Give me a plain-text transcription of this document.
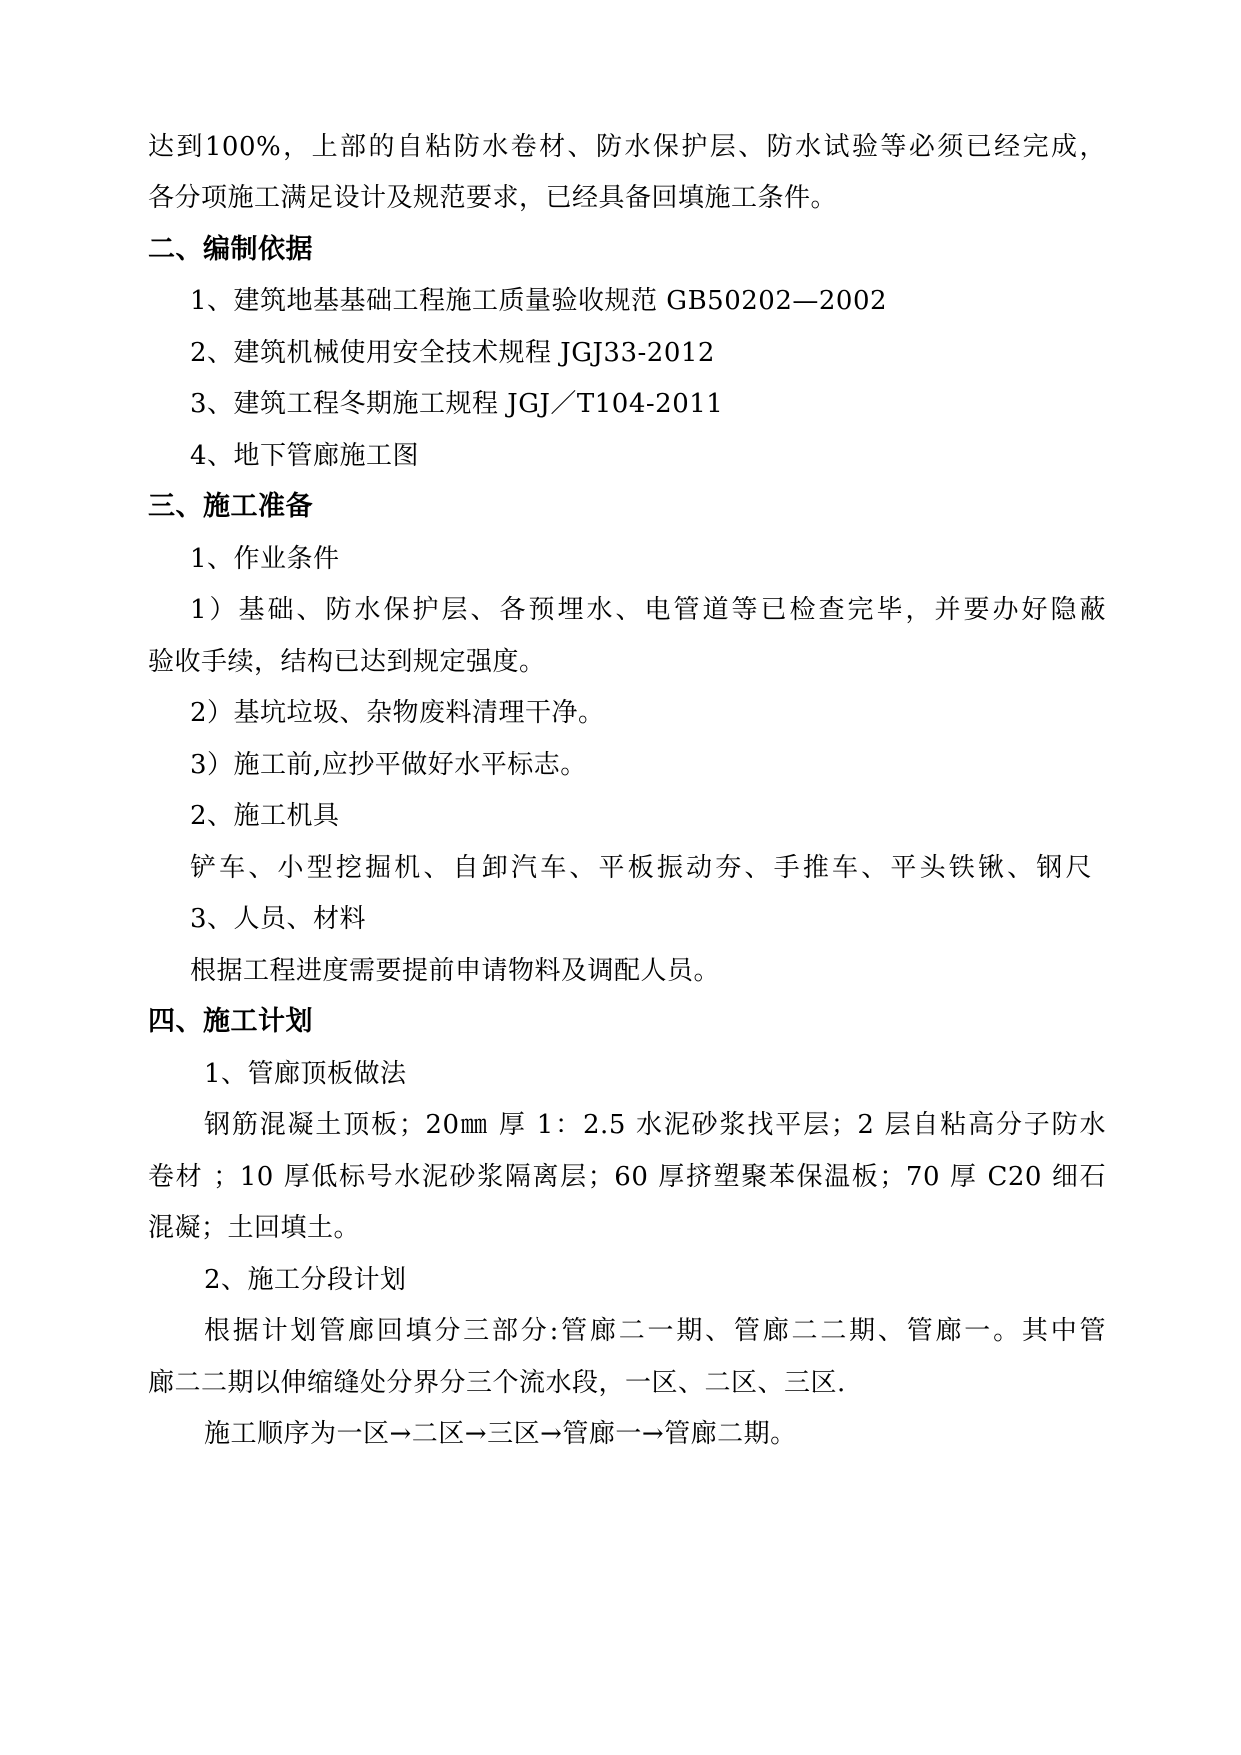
达到100%，上部的自粘防水卷材、防水保护层、防水试验等必须已经完成，
各分项施工满足设计及规范要求，已经具备回填施工条件。
二、编制依据
1、建筑地基基础工程施工质量验收规范 GB50202—2002
2、建筑机械使用安全技术规程 JGJ33-2012
3、建筑工程冬期施工规程 JGJ／T104-2011
4、地下管廊施工图
三、施工准备
1、作业条件
1）基础、防水保护层、各预埋水、电管道等已检查完毕，并要办好隐蔽
验收手续，结构已达到规定强度。
2）基坑垃圾、杂物废料清理干净。
3）施工前,应抄平做好水平标志。
2、施工机具
铲车、小型挖掘机、自卸汽车、平板振动夯、手推车、平头铁锹、钢尺
3、人员、材料
根据工程进度需要提前申请物料及调配人员。
四、施工计划
1、管廊顶板做法
钢筋混凝土顶板；20㎜ 厚 1：2.5 水泥砂浆找平层；2 层自粘高分子防水
卷材 ；10 厚低标号水泥砂浆隔离层；60 厚挤塑聚苯保温板；70 厚 C20 细石
混凝；土回填土。
2、施工分段计划
根据计划管廊回填分三部分:管廊二一期、管廊二二期、管廊一。其中管
廊二二期以伸缩缝处分界分三个流水段，一区、二区、三区.
施工顺序为一区→二区→三区→管廊一→管廊二期。
